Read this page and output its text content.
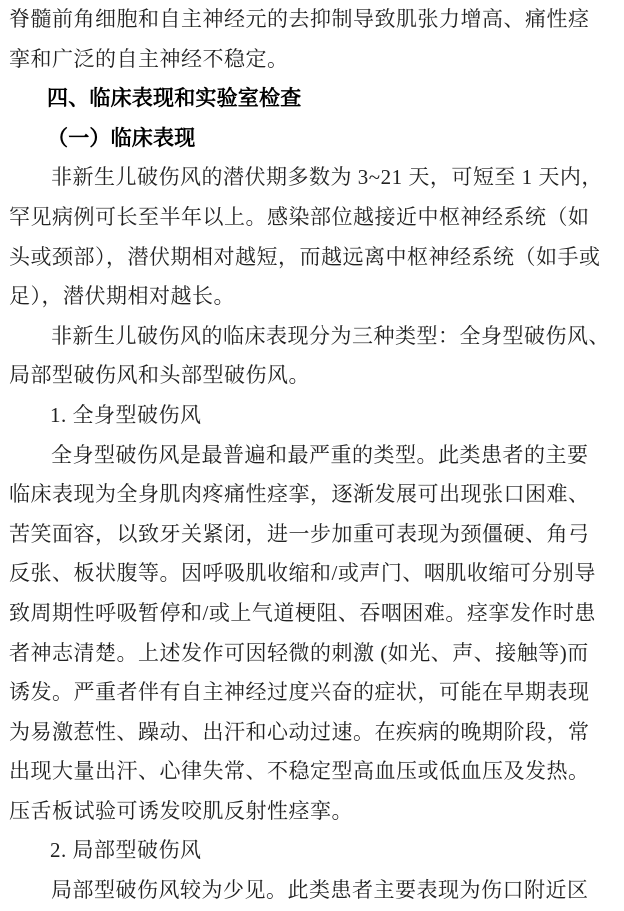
脊髓前角细胞和自主神经元的去抑制导致肌张力增高、痛性痉
挛和广泛的自主神经不稳定。
四、临床表现和实验室检查
（一）临床表现
非新生儿破伤风的潜伏期多数为 3~21 天，可短至 1 天内，
罕见病例可长至半年以上。感染部位越接近中枢神经系统（如
头或颈部），潜伏期相对越短，而越远离中枢神经系统（如手或
足），潜伏期相对越长。
非新生儿破伤风的临床表现分为三种类型：全身型破伤风、
局部型破伤风和头部型破伤风。
1. 全身型破伤风
全身型破伤风是最普遍和最严重的类型。此类患者的主要
临床表现为全身肌肉疼痛性痉挛，逐渐发展可出现张口困难、
苦笑面容，以致牙关紧闭，进一步加重可表现为颈僵硬、角弓
反张、板状腹等。因呼吸肌收缩和/或声门、咽肌收缩可分别导
致周期性呼吸暂停和/或上气道梗阻、吞咽困难。痉挛发作时患
者神志清楚。上述发作可因轻微的刺激 (如光、声、接触等)而
诱发。严重者伴有自主神经过度兴奋的症状，可能在早期表现
为易激惹性、躁动、出汗和心动过速。在疾病的晚期阶段，常
出现大量出汗、心律失常、不稳定型高血压或低血压及发热。
压舌板试验可诱发咬肌反射性痉挛。
2. 局部型破伤风
局部型破伤风较为少见。此类患者主要表现为伤口附近区
